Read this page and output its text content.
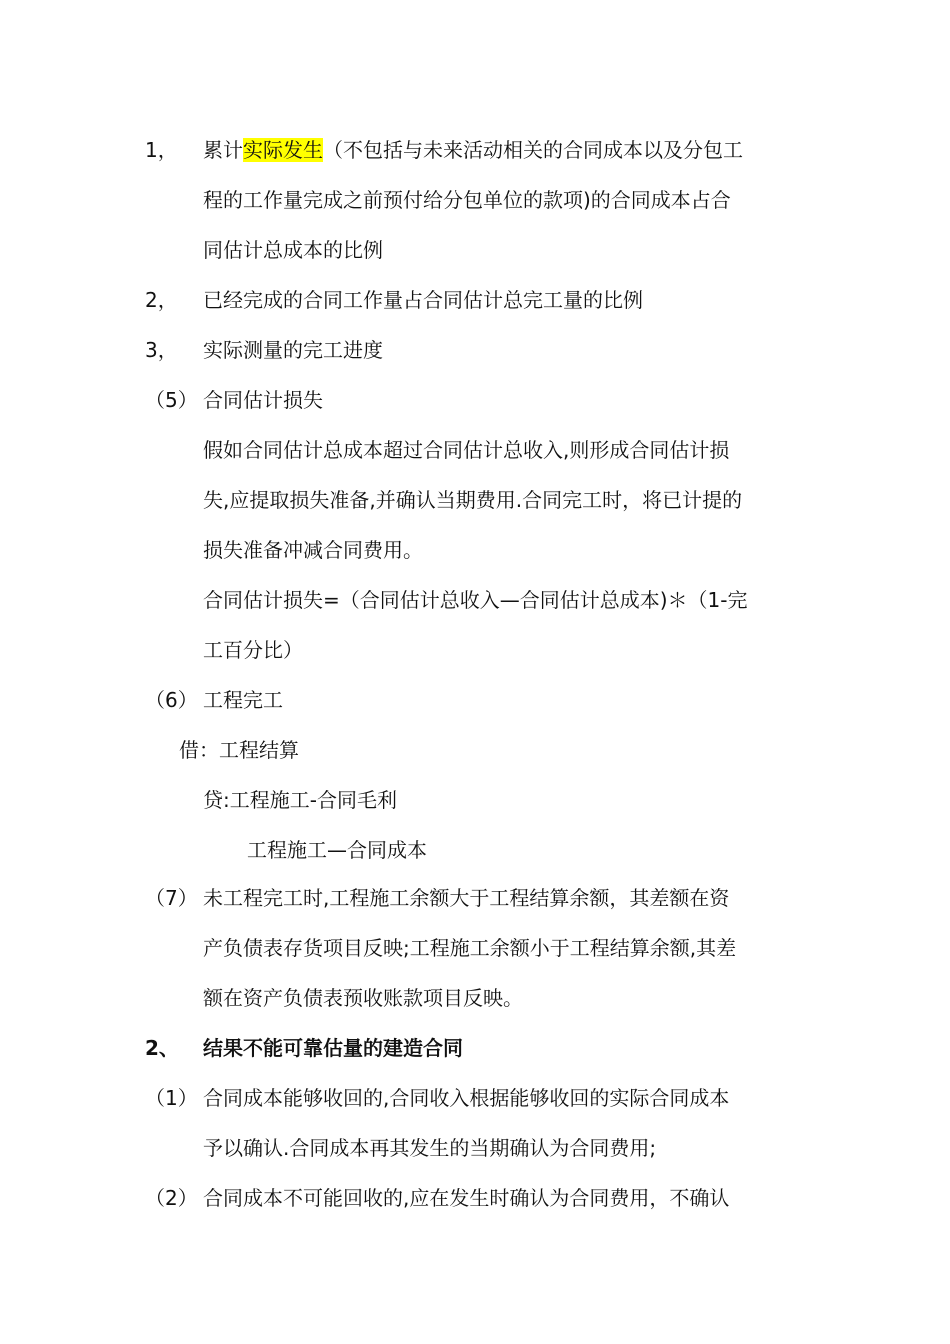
1， 累计实际发生（不包括与未来活动相关的合同成本以及分包工
程的工作量完成之前预付给分包单位的款项)的合同成本占合
同估计总成本的比例
2， 已经完成的合同工作量占合同估计总完工量的比例
3， 实际测量的完工进度
（5） 合同估计损失
假如合同估计总成本超过合同估计总收入,则形成合同估计损
失,应提取损失准备,并确认当期费用.合同完工时，将已计提的
损失准备冲减合同费用。
合同估计损失=（合同估计总收入—合同估计总成本)＊（1-完
工百分比）
（6） 工程完工
借：工程结算
贷:工程施工-合同毛利
工程施工—合同成本
（7） 未工程完工时,工程施工余额大于工程结算余额，其差额在资
产负债表存货项目反映;工程施工余额小于工程结算余额,其差
额在资产负债表预收账款项目反映。
2、 结果不能可靠估量的建造合同
（1） 合同成本能够收回的,合同收入根据能够收回的实际合同成本
予以确认.合同成本再其发生的当期确认为合同费用;
（2） 合同成本不可能回收的,应在发生时确认为合同费用，不确认
